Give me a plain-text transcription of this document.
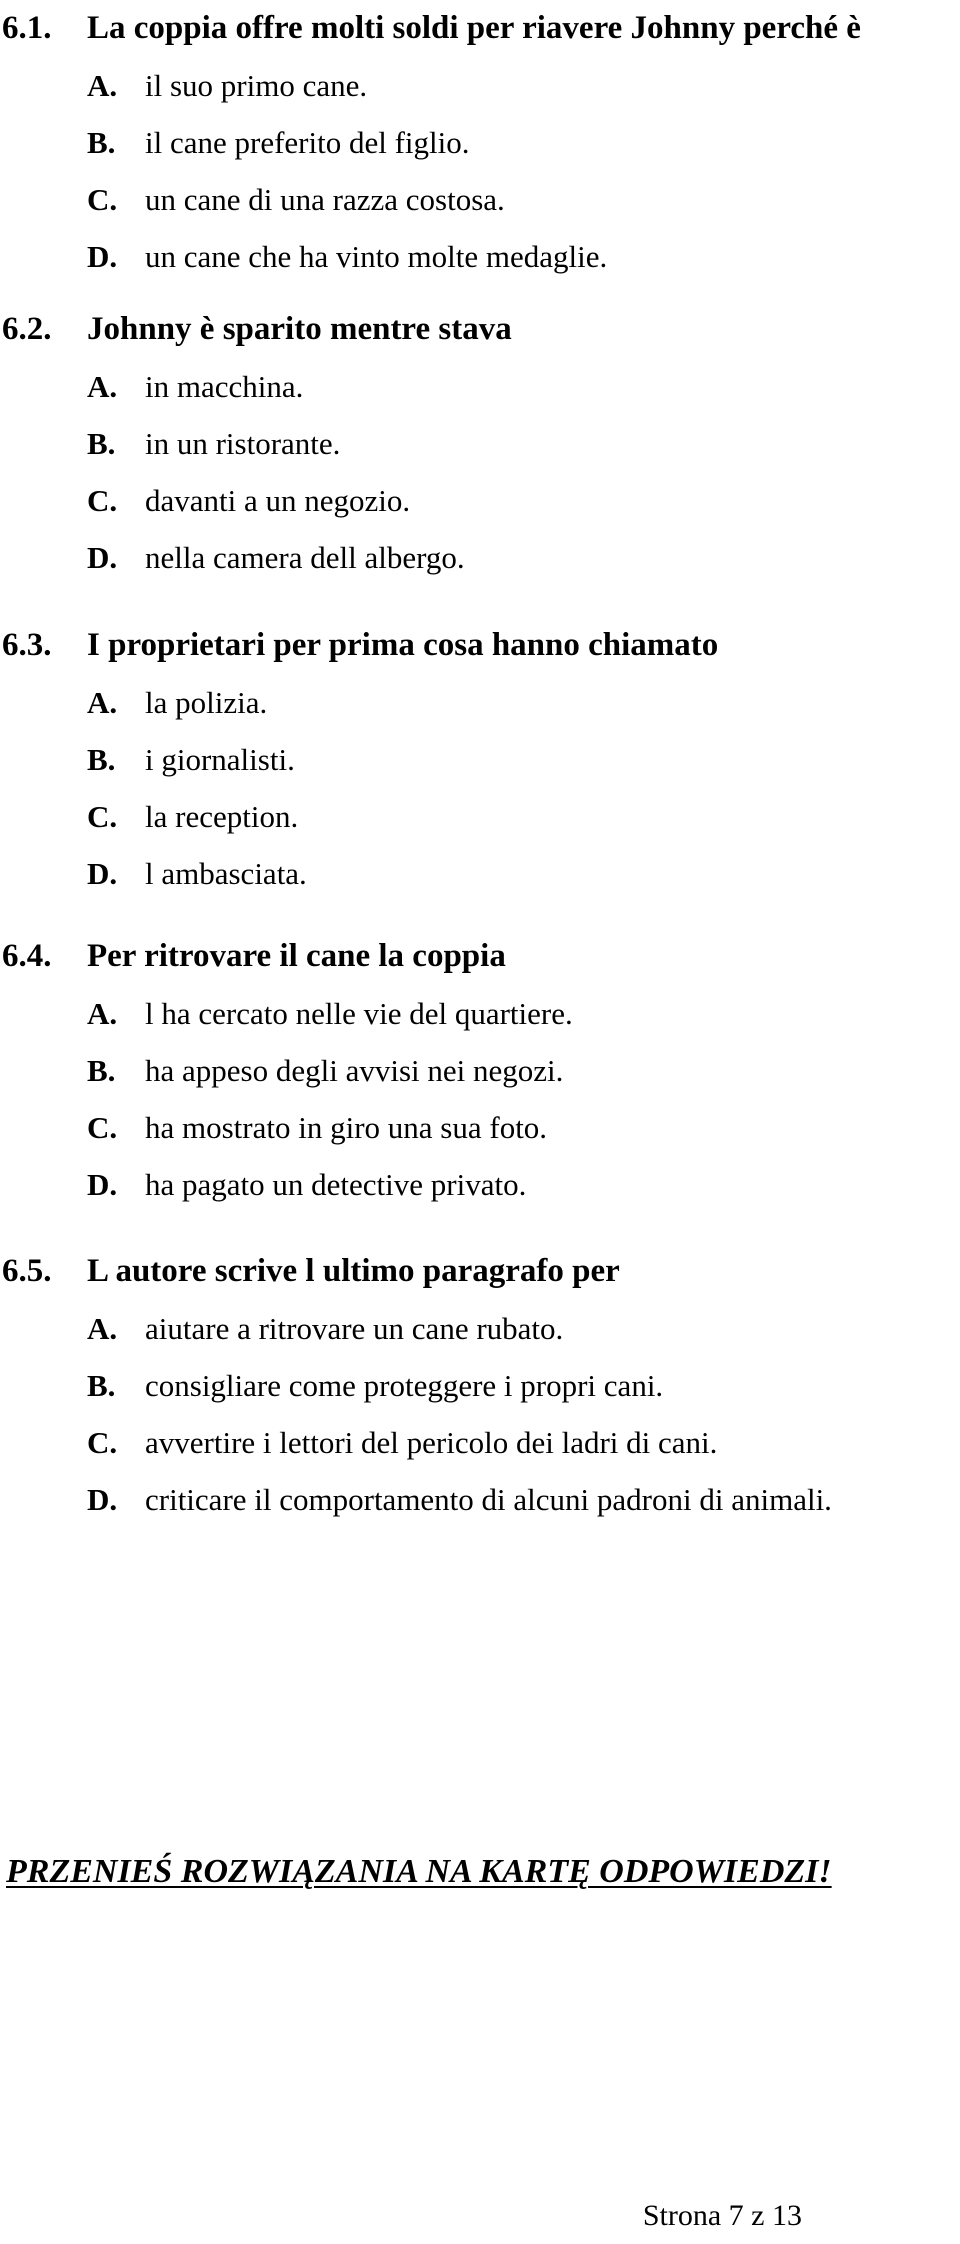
6.1. La coppia offre molti soldi per riavere Johnny perché è
A. il suo primo cane.
B. il cane preferito del figlio.
C. un cane di una razza costosa.
D. un cane che ha vinto molte medaglie.
6.2. Johnny è sparito mentre stava
A. in macchina.
B. in un ristorante.
C. davanti a un negozio.
D. nella camera dell albergo.
6.3. I proprietari per prima cosa hanno chiamato
A. la polizia.
B. i giornalisti.
C. la reception.
D. l ambasciata.
6.4. Per ritrovare il cane la coppia
A. l ha cercato nelle vie del quartiere.
B. ha appeso degli avvisi nei negozi.
C. ha mostrato in giro una sua foto.
D. ha pagato un detective privato.
6.5. L autore scrive l ultimo paragrafo per
A. aiutare a ritrovare un cane rubato.
B. consigliare come proteggere i propri cani.
C. avvertire i lettori del pericolo dei ladri di cani.
D. criticare il comportamento di alcuni padroni di animali.
PRZENIEŚ ROZWIĄZANIA NA KARTĘ ODPOWIEDZI!
Strona 7 z 13
